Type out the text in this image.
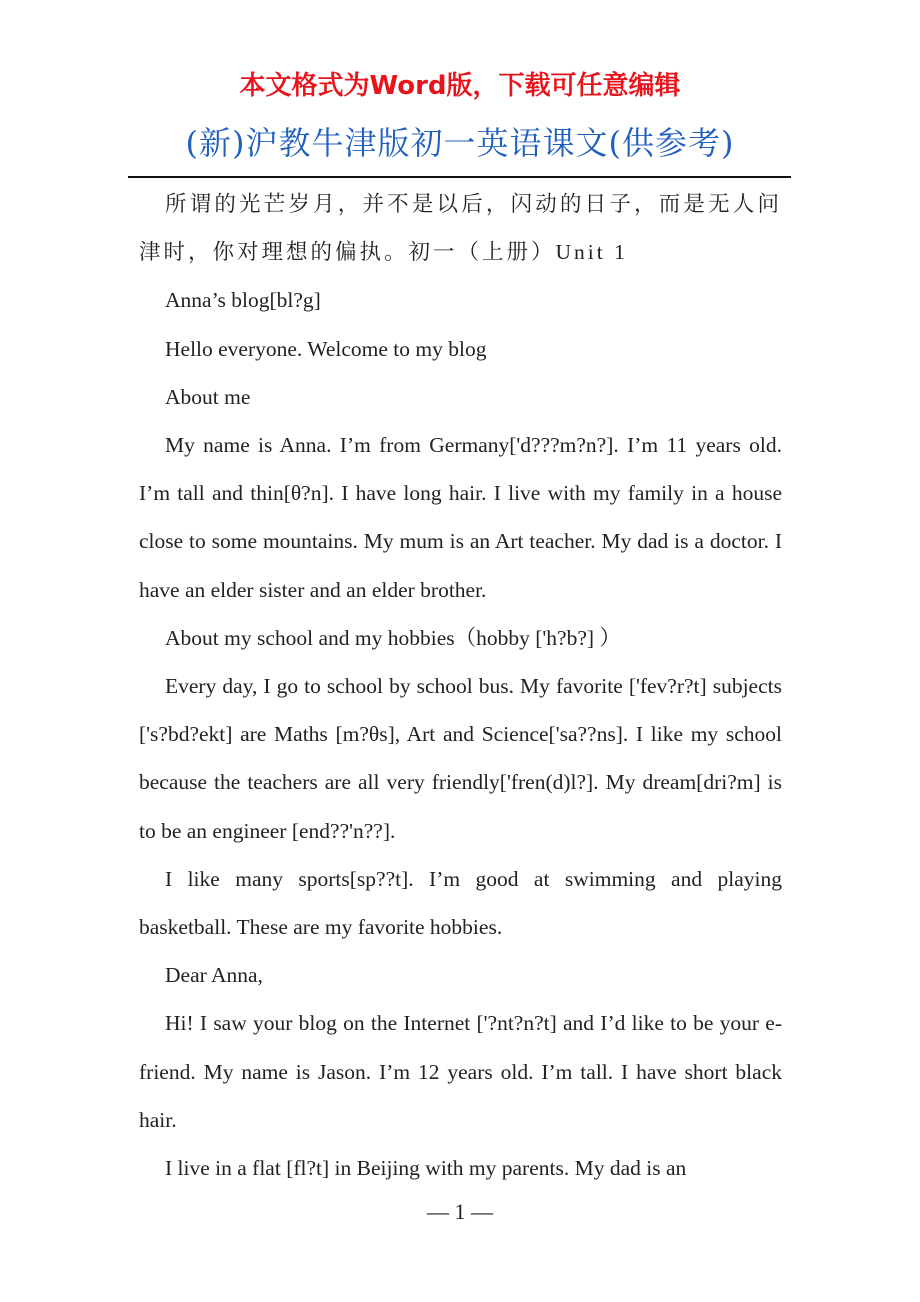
本文格式为Word版，下载可任意编辑
(新)沪教牛津版初一英语课文(供参考)

所谓的光芒岁月，并不是以后，闪动的日子，而是无人问津时，你对理想的偏执。初一（上册）Unit 1

Anna’s blog[bl?g]

Hello everyone. Welcome to my blog

About me

My name is Anna. I’m from Germany['d???m?n?]. I’m 11 years old. I’m tall and thin[θ?n]. I have long hair. I live with my family in a house close to some mountains. My mum is an Art teacher. My dad is a doctor. I have an elder sister and an elder brother.

About my school and my hobbies（hobby ['h?b?] ）

Every day, I go to school by school bus. My favorite ['fev?r?t] subjects ['s?bd?ekt] are Maths [m?θs], Art and Science['sa??ns]. I like my school because the teachers are all very friendly['fren(d)l?]. My dream[dri?m] is to be an engineer [end??'n??].

I like many sports[sp??t]. I’m good at swimming and playing basketball. These are my favorite hobbies.

Dear Anna,

Hi! I saw your blog on the Internet ['?nt?n?t] and I’d like to be your e-friend. My name is Jason. I’m 12 years old. I’m tall. I have short black hair.

I live in a flat [fl?t] in Beijing with my parents. My dad is an

— 1 —
